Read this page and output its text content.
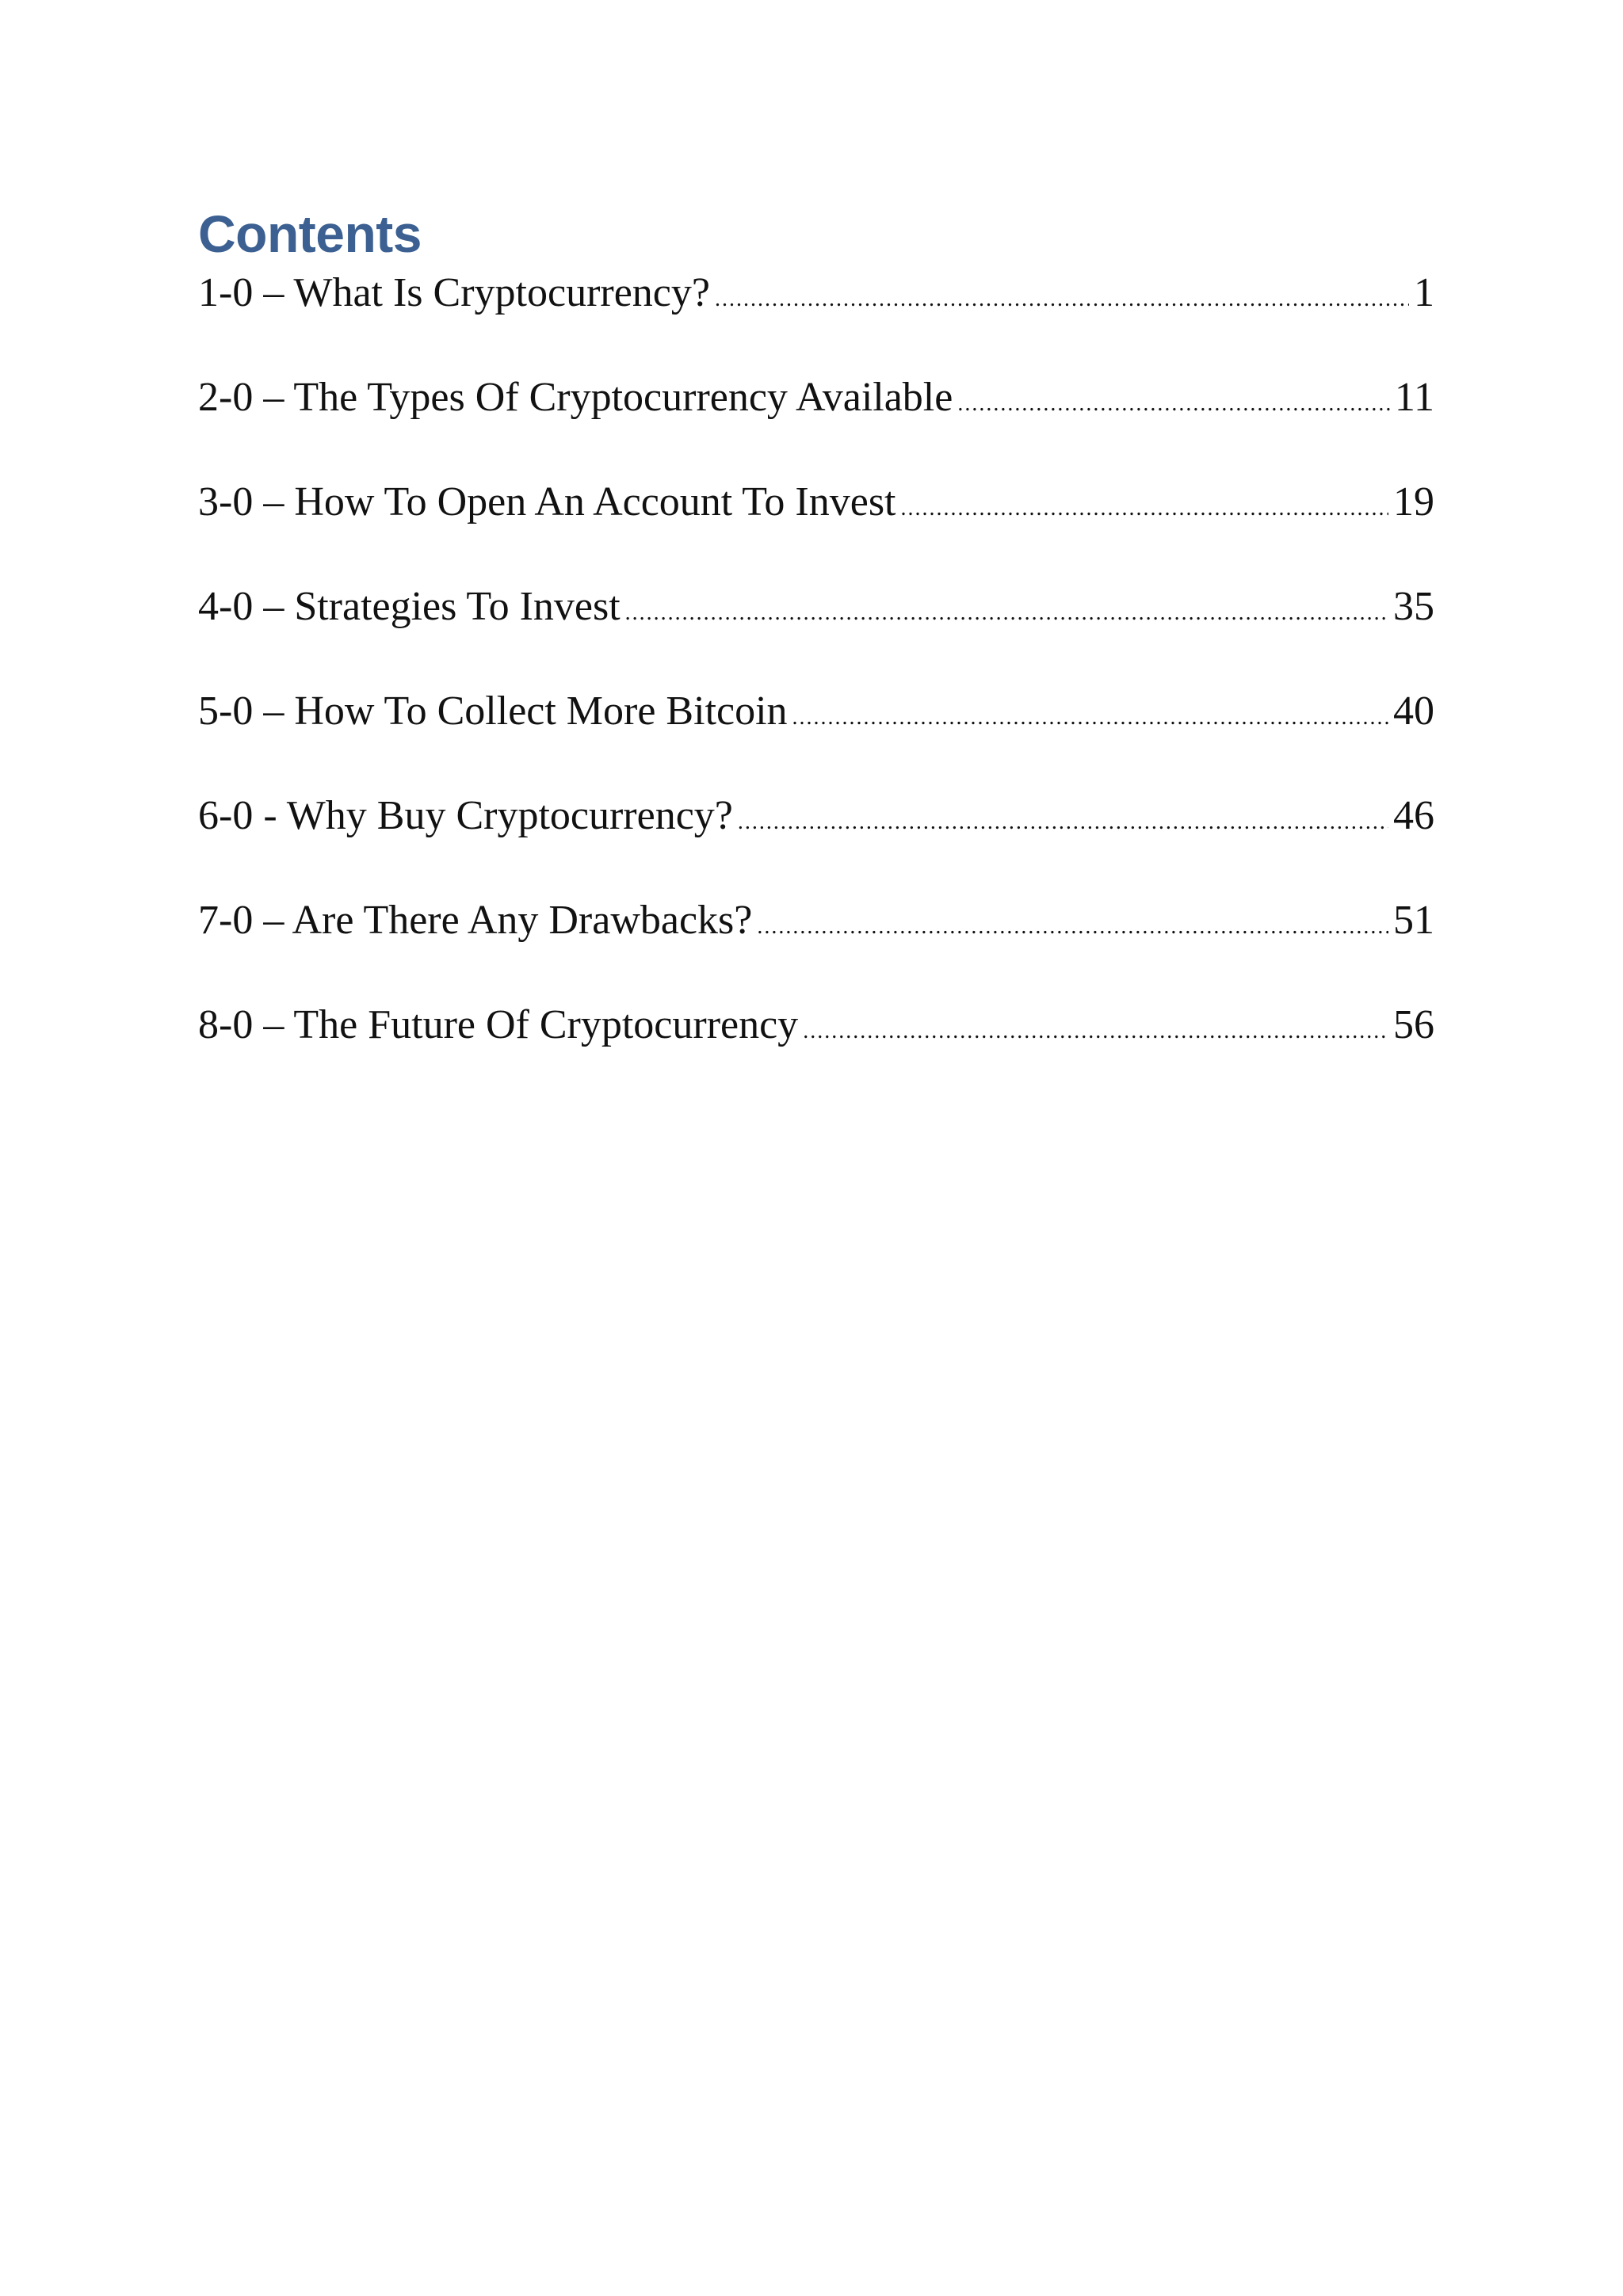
Contents
1-0 – What Is Cryptocurrency? .....	1
2-0 – The Types Of Cryptocurrency Available .....	11
3-0 – How To Open An Account To Invest .....	19
4-0 – Strategies To Invest .....	35
5-0 – How To Collect More Bitcoin .....	40
6-0 - Why Buy Cryptocurrency? .....	46
7-0 – Are There Any Drawbacks? .....	51
8-0 – The Future Of Cryptocurrency .....	56
